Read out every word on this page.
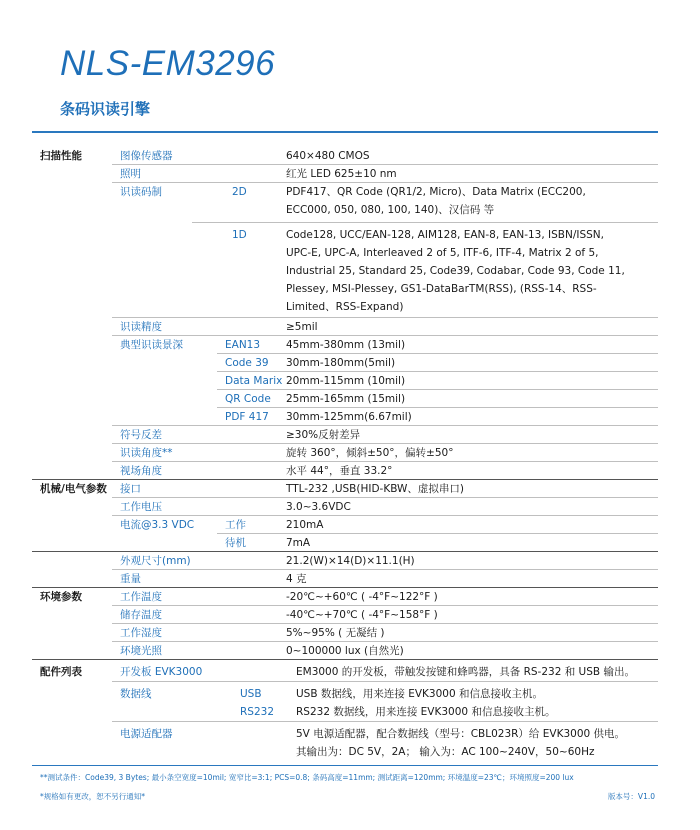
NLS-EM3296
条码识读引擎
扫描性能	图像传感器	640×480 CMOS
照明	红光 LED 625±10 nm
识读码制	2D	PDF417、QR Code (QR1/2, Micro)、Data Matrix (ECC200, ECC000, 050, 080, 100, 140)、汉信码 等
1D	Code128, UCC/EAN-128, AIM128, EAN-8, EAN-13, ISBN/ISSN, UPC-E, UPC-A, Interleaved 2 of 5, ITF-6, ITF-4, Matrix 2 of 5, Industrial 25, Standard 25, Code39, Codabar, Code 93, Code 11, Plessey, MSI-Plessey, GS1-DataBarTM(RSS), (RSS-14、RSS-Limited、RSS-Expand)
识读精度	≥5mil
典型识读景深	EAN13 45mm-380mm (13mil)
Code 39 30mm-180mm(5mil)
Data Marix 20mm-115mm (10mil)
QR Code 25mm-165mm (15mil)
PDF 417 30mm-125mm(6.67mil)
符号反差	≥30%反射差异
识读角度**	旋转 360°，倾斜±50°，偏转±50°
视场角度	水平 44°，垂直 33.2°
机械/电气参数 接口	TTL-232 ,USB(HID-KBW、虚拟串口)
工作电压	3.0~3.6VDC
电流@3.3 VDC	工作	210mA
待机	7mA
外观尺寸(mm)	21.2(W)×14(D)×11.1(H)
重量	4 克
环境参数	工作温度	-20℃~+60℃ ( -4°F~122°F )
储存温度	-40℃~+70℃ ( -4°F~158°F )
工作湿度	5%~95% ( 无凝结 )
环境光照	0~100000 lux (自然光)
配件列表	开发板 EVK3000	EM3000 的开发板，带触发按键和蜂鸣器，具备 RS-232 和 USB 输出。
数据线	USB	USB 数据线，用来连接 EVK3000 和信息接收主机。
RS232 RS232 数据线，用来连接 EVK3000 和信息接收主机。
电源适配器	5V 电源适配器，配合数据线（型号：CBL023R）给 EVK3000 供电。
其输出为：DC 5V，2A； 输入为：AC 100~240V，50~60Hz
**测试条件：Code39, 3 Bytes; 最小条空宽度=10mil; 宽窄比=3:1; PCS=0.8; 条码高度=11mm; 测试距离=120mm; 环境温度=23℃；环境照度=200 lux
*规格如有更改，恕不另行通知*	版本号：V1.0
